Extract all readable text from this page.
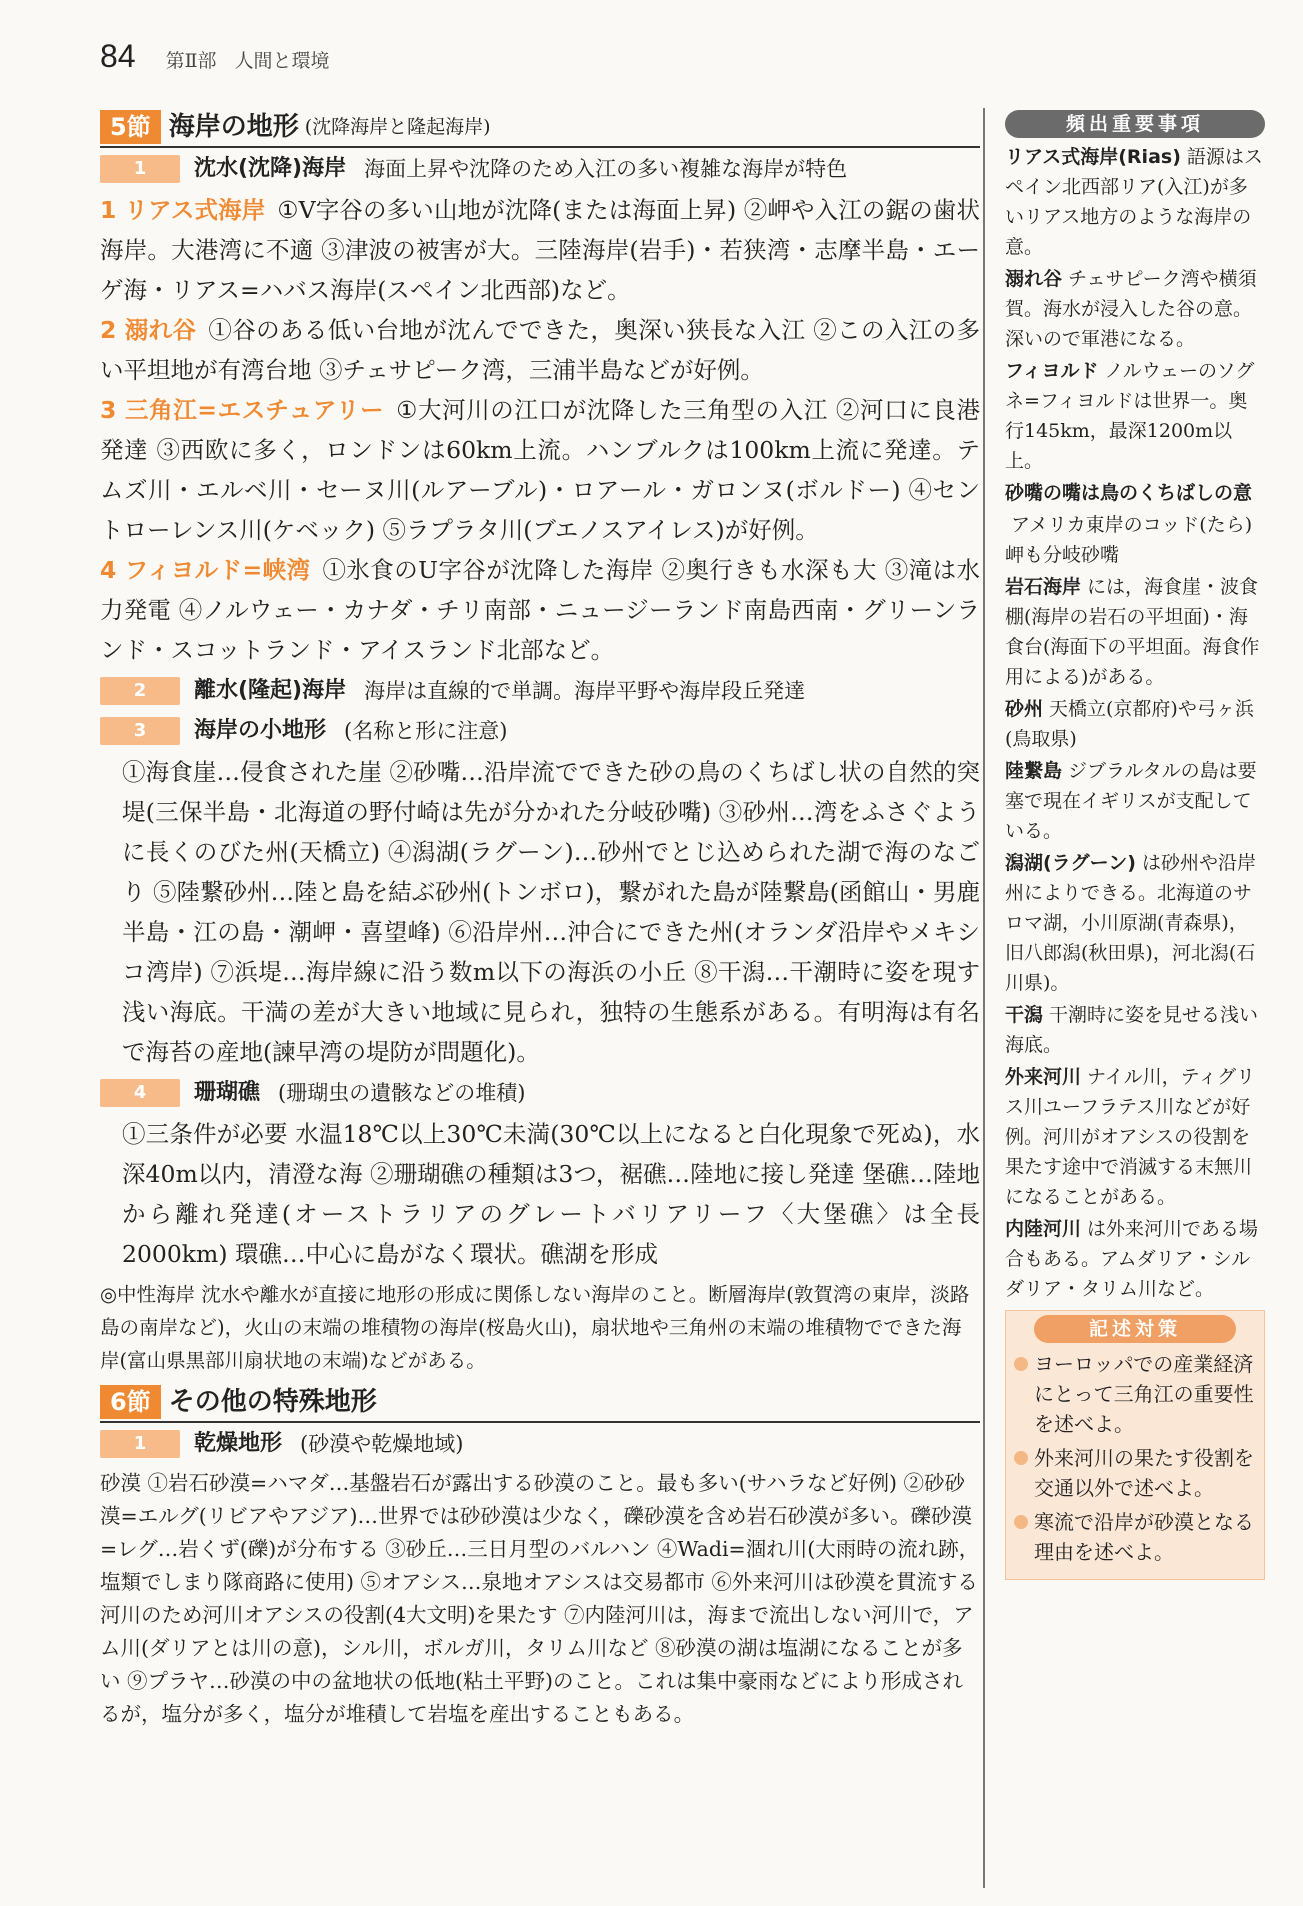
84 第Ⅱ部 人間と環境
5節 海岸の地形 (沈降海岸と隆起海岸)
1	沈水(沈降)海岸 海面上昇や沈降のため入江の多い複雑な海岸が特色

1 リアス式海岸 ①V字谷の多い山地が沈降(または海面上昇) ②岬や入江の鋸の歯状海岸。大港湾に不適 ③津波の被害が大。三陸海岸(岩手)・若狭湾・志摩半島・エーゲ海・リアス=ハバス海岸(スペイン北西部)など。

2 溺れ谷 ①谷のある低い台地が沈んでできた，奥深い狭長な入江 ②この入江の多い平坦地が有湾台地 ③チェサピーク湾，三浦半島などが好例。

3 三角江=エスチュアリー ①大河川の江口が沈降した三角型の入江 ②河口に良港発達 ③西欧に多く，ロンドンは60km上流。ハンブルクは100km上流に発達。テムズ川・エルベ川・セーヌ川(ルアーブル)・ロアール・ガロンヌ(ボルドー) ④セントローレンス川(ケベック) ⑤ラプラタ川(ブエノスアイレス)が好例。

4 フィヨルド=峡湾 ①氷食のU字谷が沈降した海岸 ②奥行きも水深も大 ③滝は水力発電 ④ノルウェー・カナダ・チリ南部・ニュージーランド南島西南・グリーンランド・スコットランド・アイスランド北部など。

2	離水(隆起)海岸 海岸は直線的で単調。海岸平野や海岸段丘発達
3	海岸の小地形 (名称と形に注意)

①海食崖…侵食された崖 ②砂嘴…沿岸流でできた砂の鳥のくちばし状の自然的突堤(三保半島・北海道の野付崎は先が分かれた分岐砂嘴) ③砂州…湾をふさぐように長くのびた州(天橋立) ④潟湖(ラグーン)…砂州でとじ込められた湖で海のなごり ⑤陸繋砂州…陸と島を結ぶ砂州(トンボロ)，繋がれた島が陸繋島(函館山・男鹿半島・江の島・潮岬・喜望峰) ⑥沿岸州…沖合にできた州(オランダ沿岸やメキシコ湾岸) ⑦浜堤…海岸線に沿う数m以下の海浜の小丘 ⑧干潟…干潮時に姿を現す浅い海底。干満の差が大きい地域に見られ，独特の生態系がある。有明海は有名で海苔の産地(諫早湾の堤防が問題化)。

4	珊瑚礁 (珊瑚虫の遺骸などの堆積)

①三条件が必要 水温18℃以上30℃未満(30℃以上になると白化現象で死ぬ)，水深40m以内，清澄な海 ②珊瑚礁の種類は3つ，裾礁…陸地に接し発達 堡礁…陸地から離れ発達(オーストラリアのグレートバリアリーフ〈大堡礁〉は全長2000km) 環礁…中心に島がなく環状。礁湖を形成

◎中性海岸 沈水や離水が直接に地形の形成に関係しない海岸のこと。断層海岸(敦賀湾の東岸，淡路島の南岸など)，火山の末端の堆積物の海岸(桜島火山)，扇状地や三角州の末端の堆積物でできた海岸(富山県黒部川扇状地の末端)などがある。

6節 その他の特殊地形
1	乾燥地形 (砂漠や乾燥地域)

砂漠 ①岩石砂漠=ハマダ…基盤岩石が露出する砂漠のこと。最も多い(サハラなど好例) ②砂砂漠=エルグ(リビアやアジア)…世界では砂砂漠は少なく，礫砂漠を含め岩石砂漠が多い。礫砂漠=レグ…岩くず(礫)が分布する ③砂丘…三日月型のバルハン ④Wadi=涸れ川(大雨時の流れ跡，塩類でしまり隊商路に使用) ⑤オアシス…泉地オアシスは交易都市 ⑥外来河川は砂漠を貫流する河川のため河川オアシスの役割(4大文明)を果たす ⑦内陸河川は，海まで流出しない河川で，アム川(ダリアとは川の意)，シル川，ボルガ川，タリム川など ⑧砂漠の湖は塩湖になることが多い ⑨プラヤ…砂漠の中の盆地状の低地(粘土平野)のこと。これは集中豪雨などにより形成されるが，塩分が多く，塩分が堆積して岩塩を産出することもある。

頻出重要事項
リアス式海岸(Rias) 語源はスペイン北西部リア(入江)が多いリアス地方のような海岸の意。
溺れ谷 チェサピーク湾や横須賀。海水が浸入した谷の意。深いので軍港になる。
フィヨルド ノルウェーのソグネ=フィヨルドは世界一。奥行145km，最深1200m以上。
砂嘴の嘴は鳥のくちばしの意
アメリカ東岸のコッド(たら)岬も分岐砂嘴
岩石海岸 には，海食崖・波食棚(海岸の岩石の平坦面)・海食台(海面下の平坦面。海食作用による)がある。
砂州 天橋立(京都府)や弓ヶ浜(鳥取県)
陸繋島 ジブラルタルの島は要塞で現在イギリスが支配している。
潟湖(ラグーン) は砂州や沿岸州によりできる。北海道のサロマ湖，小川原湖(青森県)，旧八郎潟(秋田県)，河北潟(石川県)。
干潟 干潮時に姿を見せる浅い海底。
外来河川 ナイル川，ティグリス川ユーフラテス川などが好例。河川がオアシスの役割を果たす途中で消滅する末無川になることがある。
内陸河川 は外来河川である場合もある。アムダリア・シルダリア・タリム川など。
記述対策
ヨーロッパでの産業経済にとって三角江の重要性を述べよ。
外来河川の果たす役割を交通以外で述べよ。
寒流で沿岸が砂漠となる理由を述べよ。
